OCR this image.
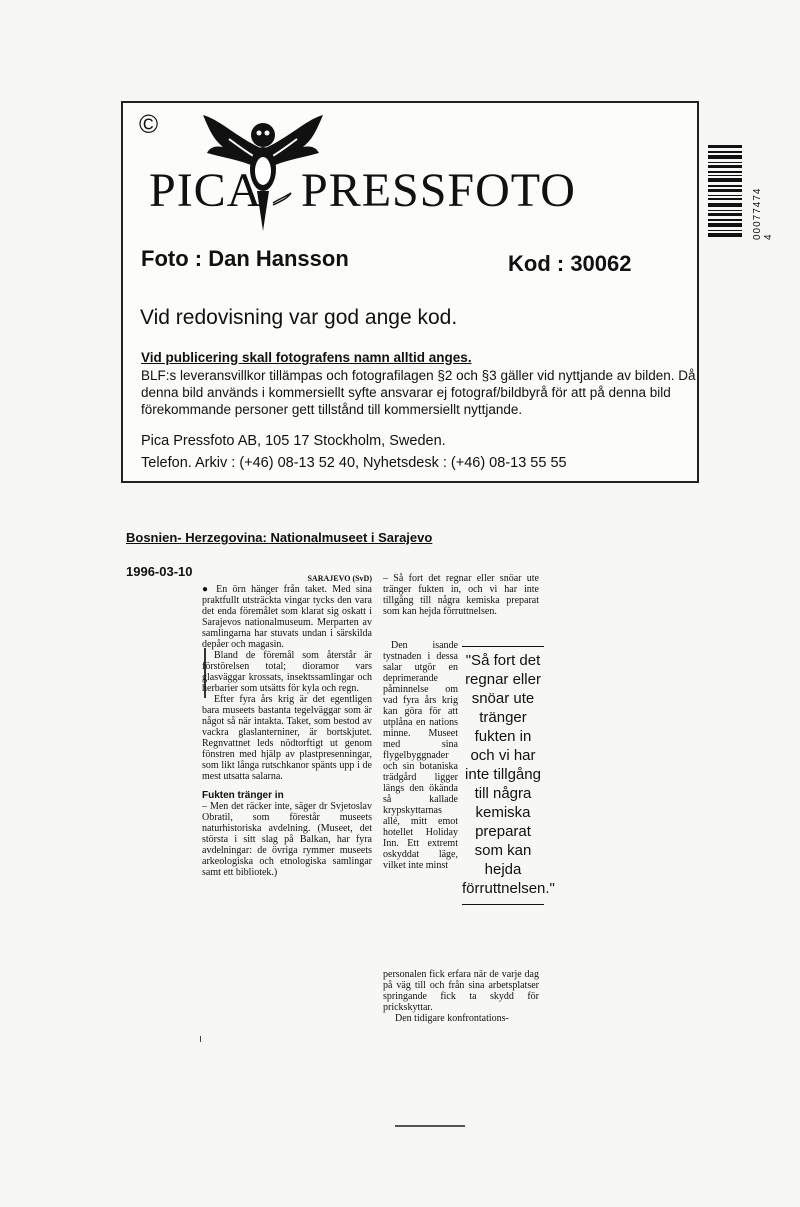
©
PICA PRESSFOTO
Foto : Dan Hansson	Kod : 30062
Vid redovisning var god ange kod.
Vid publicering skall fotografens namn alltid anges.
BLF:s leveransvillkor tillämpas och fotografilagen §2 och §3 gäller vid nyttjande av bilden. Då denna bild används i kommersiellt syfte ansvarar ej fotograf/bildbyrå för att på denna bild förekommande personer gett tillstånd till kommersiellt nyttjande.
Pica Pressfoto AB, 105 17 Stockholm, Sweden.
Telefon. Arkiv : (+46) 08-13 52 40, Nyhetsdesk : (+46) 08-13 55 55
00077474 4
Bosnien- Herzegovina: Nationalmuseet i Sarajevo
1996-03-10	SARAJEVO (SvD)
● En örn hänger från taket. Med sina praktfullt utsträckta vingar tycks den vara det enda föremålet som klarat sig oskatt i Sarajevos nationalmuseum. Merparten av samlingarna har stuvats undan i särskilda depåer och magasin.
Bland de föremål som återstår är förstörelsen total; dioramor vars glasväggar krossats, insektssamlingar och herbarier som utsätts för kyla och regn.
Efter fyra års krig är det egentligen bara museets bastanta tegelväggar som är något så när intakta. Taket, som bestod av vackra glaslanterniner, är bortskjutet. Regnvattnet leds nödtorftigt ut genom fönstren med hjälp av plastpresenningar, som likt långa rutschkanor spänts upp i de mest utsatta salarna.
Fukten tränger in
– Men det räcker inte, säger dr Svjetoslav Obratil, som förestår museets naturhistoriska avdelning. (Museet, det största i sitt slag på Balkan, har fyra avdelningar: de övriga rymmer museets arkeologiska och etnologiska samlingar samt ett bibliotek.)
– Så fort det regnar eller snöar ute tränger fukten in, och vi har inte tillgång till några kemiska preparat som kan hejda förruttnelsen.
Den isande tystnaden i dessa salar utgör en deprimerande påminnelse om vad fyra års krig kan göra för att utplåna en nations minne. Museet med sina flygelbyggnader och sin botaniska trädgård ligger längs den ökända så kallade krypskyttarnas allé, mitt emot hotellet Holiday Inn. Ett extremt oskyddat läge, vilket inte minst
personalen fick erfara när de varje dag på väg till och från sina arbetsplatser springande fick ta skydd för prickskyttar.
Den tidigare konfrontations-
"Så fort det regnar eller snöar ute tränger fukten in och vi har inte tillgång till några kemiska preparat som kan hejda förruttnelsen."
